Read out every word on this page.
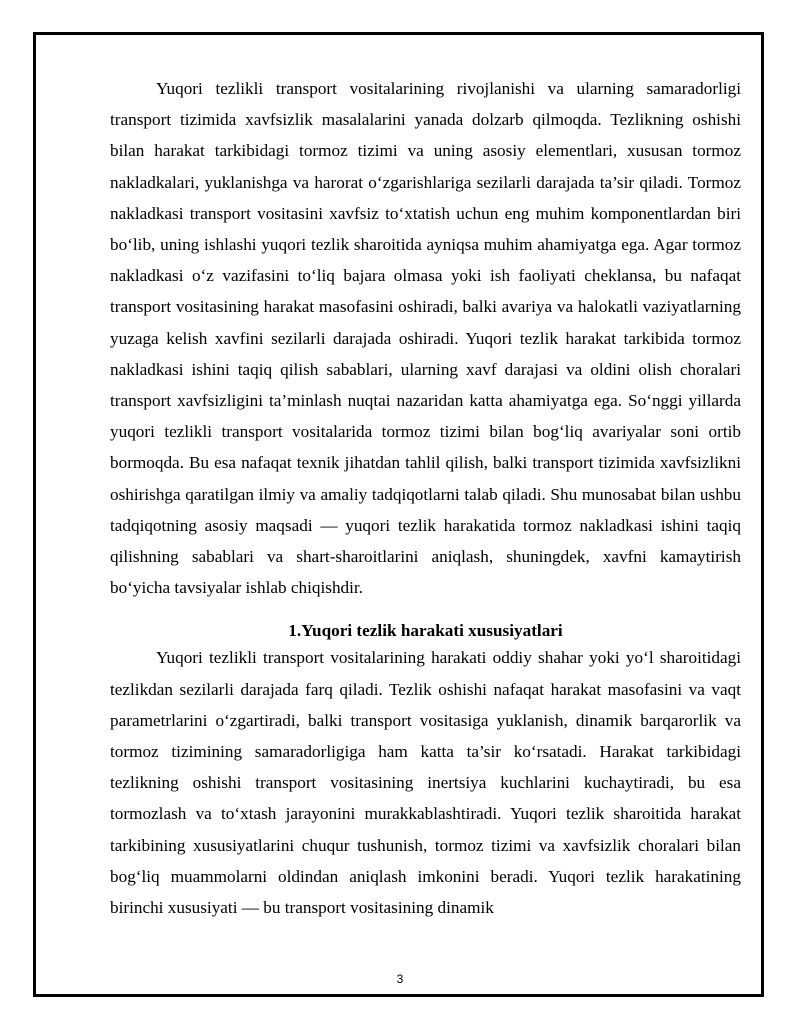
Yuqori tezlikli transport vositalarining rivojlanishi va ularning samaradorligi transport tizimida xavfsizlik masalalarini yanada dolzarb qilmoqda. Tezlikning oshishi bilan harakat tarkibidagi tormoz tizimi va uning asosiy elementlari, xususan tormoz nakladkalari, yuklanishga va harorat o‘zgarishlariga sezilarli darajada ta’sir qiladi. Tormoz nakladkasi transport vositasini xavfsiz to‘xtatish uchun eng muhim komponentlardan biri bo‘lib, uning ishlashi yuqori tezlik sharoitida ayniqsa muhim ahamiyatga ega. Agar tormoz nakladkasi o‘z vazifasini to‘liq bajara olmasa yoki ish faoliyati cheklansa, bu nafaqat transport vositasining harakat masofasini oshiradi, balki avariya va halokatli vaziyatlarning yuzaga kelish xavfini sezilarli darajada oshiradi. Yuqori tezlik harakat tarkibida tormoz nakladkasi ishini taqiq qilish sabablari, ularning xavf darajasi va oldini olish choralari transport xavfsizligini ta’minlash nuqtai nazaridan katta ahamiyatga ega. So‘nggi yillarda yuqori tezlikli transport vositalarida tormoz tizimi bilan bog‘liq avariyalar soni ortib bormoqda. Bu esa nafaqat texnik jihatdan tahlil qilish, balki transport tizimida xavfsizlikni oshirishga qaratilgan ilmiy va amaliy tadqiqotlarni talab qiladi. Shu munosabat bilan ushbu tadqiqotning asosiy maqsadi — yuqori tezlik harakatida tormoz nakladkasi ishini taqiq qilishning sabablari va shart-sharoitlarini aniqlash, shuningdek, xavfni kamaytirish bo‘yicha tavsiyalar ishlab chiqishdir.

1.Yuqori tezlik harakati xususiyatlari

Yuqori tezlikli transport vositalarining harakati oddiy shahar yoki yo‘l sharoitidagi tezlikdan sezilarli darajada farq qiladi. Tezlik oshishi nafaqat harakat masofasini va vaqt parametrlarini o‘zgartiradi, balki transport vositasiga yuklanish, dinamik barqarorlik va tormoz tizimining samaradorligiga ham katta ta’sir ko‘rsatadi. Harakat tarkibidagi tezlikning oshishi transport vositasining inertsiya kuchlarini kuchaytiradi, bu esa tormozlash va to‘xtash jarayonini murakkablashtiradi. Yuqori tezlik sharoitida harakat tarkibining xususiyatlarini chuqur tushunish, tormoz tizimi va xavfsizlik choralari bilan bog‘liq muammolarni oldindan aniqlash imkonini beradi. Yuqori tezlik harakatining birinchi xususiyati — bu transport vositasining dinamik

3
